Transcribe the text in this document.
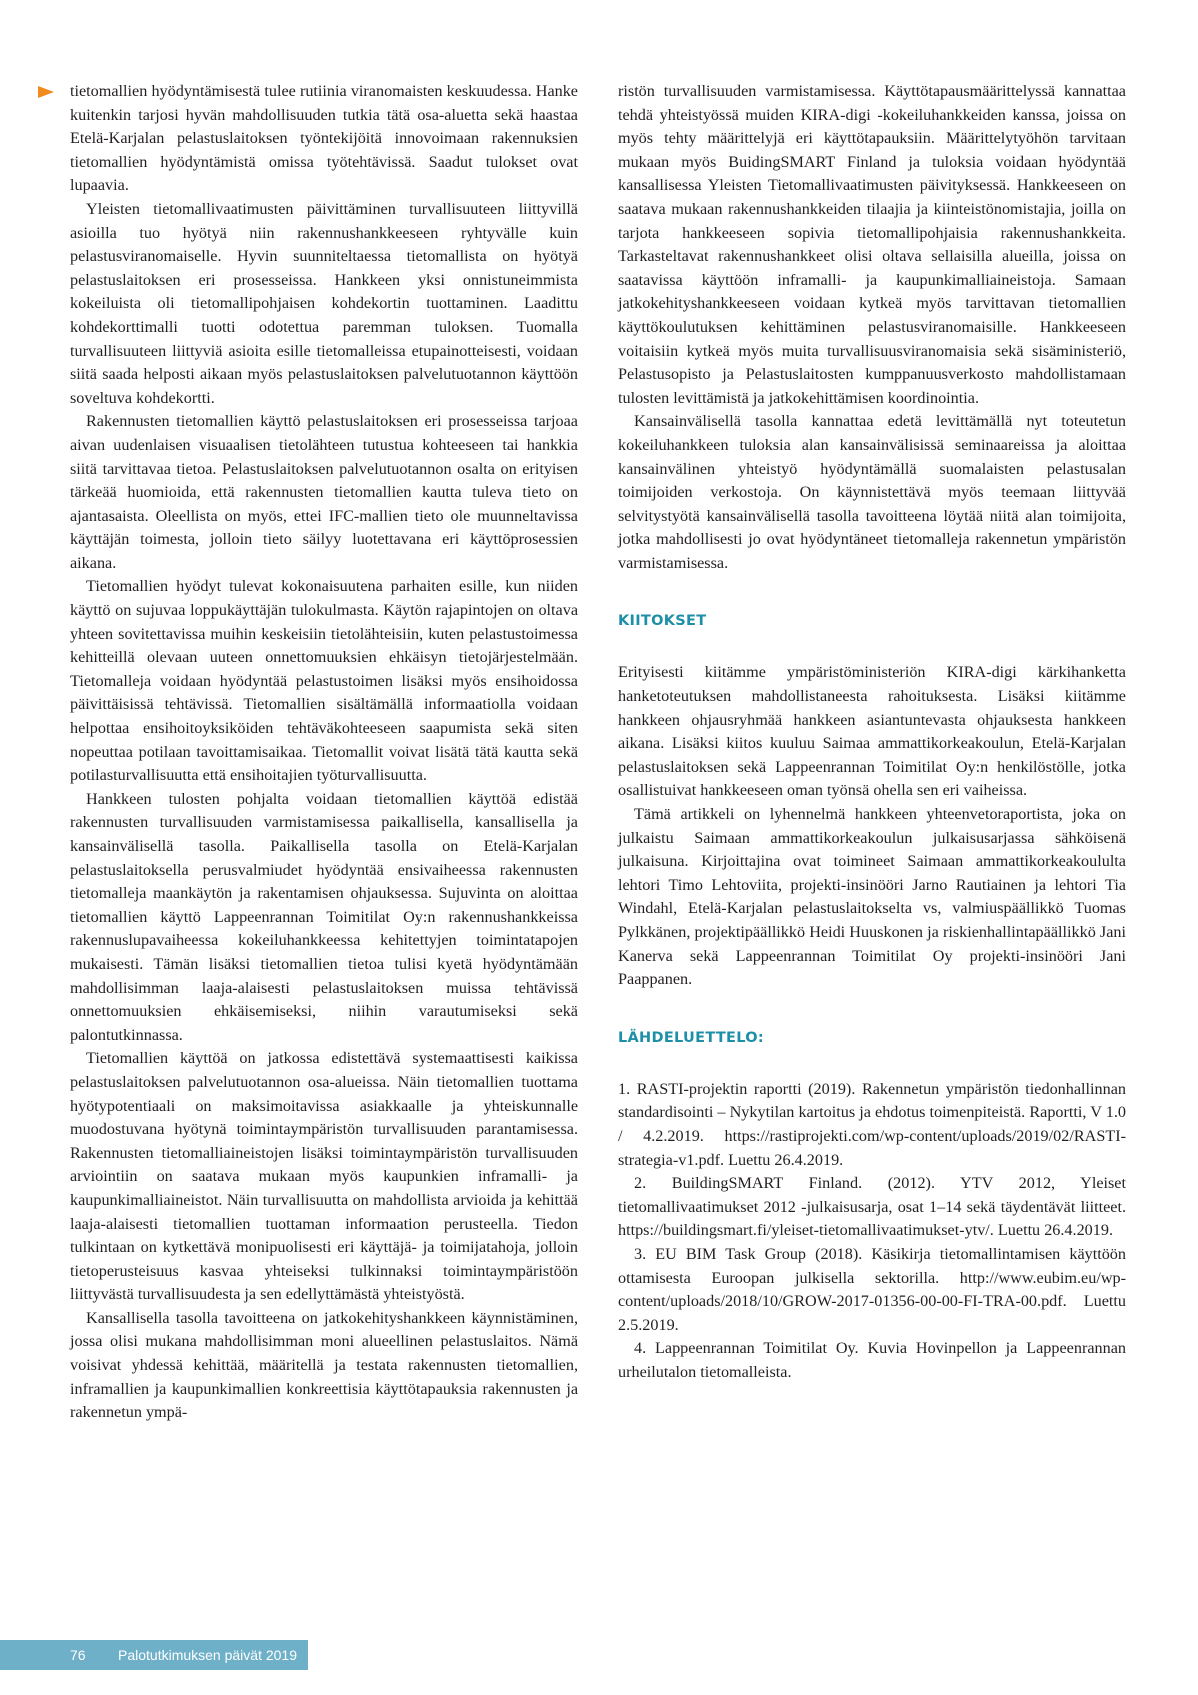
tietomallien hyödyntämisestä tulee rutiinia viranomaisten keskuudessa. Hanke kuitenkin tarjosi hyvän mahdollisuuden tutkia tätä osa-aluetta sekä haastaa Etelä-Karjalan pelastuslaitoksen työntekijöitä innovoimaan rakennuksien tietomallien hyödyntämistä omissa työtehtävissä. Saadut tulokset ovat lupaavia.

Yleisten tietomallivaatimusten päivittäminen turvallisuuteen liittyvillä asioilla tuo hyötyä niin rakennushankkeeseen ryhtyvälle kuin pelastusviranomaiselle. Hyvin suunniteltaessa tietomallista on hyötyä pelastuslaitoksen eri prosesseissa. Hankkeen yksi onnistuneimmista kokeiluista oli tietomallipohjaisen kohdekortin tuottaminen. Laadittu kohdekorttimalli tuotti odotettua paremman tuloksen. Tuomalla turvallisuuteen liittyviä asioita esille tietomalleissa etupainotteisesti, voidaan siitä saada helposti aikaan myös pelastuslaitoksen palvelutuotannon käyttöön soveltuva kohdekortti.

Rakennusten tietomallien käyttö pelastuslaitoksen eri prosesseissa tarjoaa aivan uudenlaisen visuaalisen tietolähteen tutustua kohteeseen tai hankkia siitä tarvittavaa tietoa. Pelastuslaitoksen palvelutuotannon osalta on erityisen tärkeää huomioida, että rakennusten tietomallien kautta tuleva tieto on ajantasaista. Oleellista on myös, ettei IFC-mallien tieto ole muunneltavissa käyttäjän toimesta, jolloin tieto säilyy luotettavana eri käyttöprosessien aikana.

Tietomallien hyödyt tulevat kokonaisuutena parhaiten esille, kun niiden käyttö on sujuvaa loppukäyttäjän tulokulmasta. Käytön rajapintojen on oltava yhteen sovitettavissa muihin keskeisiin tietolähteisiin, kuten pelastustoimessa kehitteillä olevaan uuteen onnettomuuksien ehkäisyn tietojärjestelmään. Tietomalleja voidaan hyödyntää pelastustoimen lisäksi myös ensihoidossa päivittäisissä tehtävissä. Tietomallien sisältämällä informaatiolla voidaan helpottaa ensihoitoyksiköiden tehtäväkohteeseen saapumista sekä siten nopeuttaa potilaan tavoittamisaikaa. Tietomallit voivat lisätä tätä kautta sekä potilasturvallisuutta että ensihoitajien työturvallisuutta.

Hankkeen tulosten pohjalta voidaan tietomallien käyttöä edistää rakennusten turvallisuuden varmistamisessa paikallisella, kansallisella ja kansainvälisellä tasolla. Paikallisella tasolla on Etelä-Karjalan pelastuslaitoksella perusvalmiudet hyödyntää ensivaiheessa rakennusten tietomalleja maankäytön ja rakentamisen ohjauksessa. Sujuvinta on aloittaa tietomallien käyttö Lappeenrannan Toimitilat Oy:n rakennushankkeissa rakennuslupavaiheessa kokeiluhankkeessa kehitettyjen toimintatapojen mukaisesti. Tämän lisäksi tietomallien tietoa tulisi kyetä hyödyntämään mahdollisimman laaja-alaisesti pelastuslaitoksen muissa tehtävissä onnettomuuksien ehkäisemiseksi, niihin varautumiseksi sekä palontutkinnassa.

Tietomallien käyttöä on jatkossa edistettävä systemaattisesti kaikissa pelastuslaitoksen palvelutuotannon osa-alueissa. Näin tietomallien tuottama hyötypotentiaali on maksimoitavissa asiakkaalle ja yhteiskunnalle muodostuvana hyötynä toimintaympäristön turvallisuuden parantamisessa. Rakennusten tietomalliaineistojen lisäksi toimintaympäristön turvallisuuden arviointiin on saatava mukaan myös kaupunkien inframalli- ja kaupunkimalliaineistot. Näin turvallisuutta on mahdollista arvioida ja kehittää laaja-alaisesti tietomallien tuottaman informaation perusteella. Tiedon tulkintaan on kytkettävä monipuolisesti eri käyttäjä- ja toimijatahoja, jolloin tietoperusteisuus kasvaa yhteiseksi tulkinnaksi toimintaympäristöön liittyvästä turvallisuudesta ja sen edellyttämästä yhteistyöstä.

Kansallisella tasolla tavoitteena on jatkokehityshankkeen käynnistäminen, jossa olisi mukana mahdollisimman moni alueellinen pelastuslaitos. Nämä voisivat yhdessä kehittää, määritellä ja testata rakennusten tietomallien, inframallien ja kaupunkimallien konkreettisia käyttötapauksia rakennusten ja rakennetun ympä-

ristön turvallisuuden varmistamisessa. Käyttötapausmäärittelyssä kannattaa tehdä yhteistyössä muiden KIRA-digi -kokeiluhankkeiden kanssa, joissa on myös tehty määrittelyjä eri käyttötapauksiin. Määrittelytyöhön tarvitaan mukaan myös BuidingSMART Finland ja tuloksia voidaan hyödyntää kansallisessa Yleisten Tietomallivaatimusten päivityksessä. Hankkeeseen on saatava mukaan rakennushankkeiden tilaajia ja kiinteistönomistajia, joilla on tarjota hankkeeseen sopivia tietomallipohjaisia rakennushankkeita. Tarkasteltavat rakennushankkeet olisi oltava sellaisilla alueilla, joissa on saatavissa käyttöön inframalli- ja kaupunkimalliaineistoja. Samaan jatkokehityshankkeeseen voidaan kytkeä myös tarvittavan tietomallien käyttökoulutuksen kehittäminen pelastusviranomaisille. Hankkeeseen voitaisiin kytkeä myös muita turvallisuusviranomaisia sekä sisäministeriö, Pelastusopisto ja Pelastuslaitosten kumppanuusverkosto mahdollistamaan tulosten levittämistä ja jatkokehittämisen koordinointia.

Kansainvälisellä tasolla kannattaa edetä levittämällä nyt toteutetun kokeiluhankkeen tuloksia alan kansainvälisissä seminaareissa ja aloittaa kansainvälinen yhteistyö hyödyntämällä suomalaisten pelastusalan toimijoiden verkostoja. On käynnistettävä myös teemaan liittyvää selvitystyötä kansainvälisellä tasolla tavoitteena löytää niitä alan toimijoita, jotka mahdollisesti jo ovat hyödyntäneet tietomalleja rakennetun ympäristön varmistamisessa.

KIITOKSET

Erityisesti kiitämme ympäristöministeriön KIRA-digi kärkihanketta hanketoteutuksen mahdollistaneesta rahoituksesta. Lisäksi kiitämme hankkeen ohjausryhmää hankkeen asiantuntevasta ohjauksesta hankkeen aikana. Lisäksi kiitos kuuluu Saimaa ammattikorkeakoulun, Etelä-Karjalan pelastuslaitoksen sekä Lappeenrannan Toimitilat Oy:n henkilöstölle, jotka osallistuivat hankkeeseen oman työnsä ohella sen eri vaiheissa.

Tämä artikkeli on lyhennelmä hankkeen yhteenvetoraportista, joka on julkaistu Saimaan ammattikorkeakoulun julkaisusarjassa sähköisenä julkaisuna. Kirjoittajina ovat toimineet Saimaan ammattikorkeakoululta lehtori Timo Lehtoviita, projekti-insinööri Jarno Rautiainen ja lehtori Tia Windahl, Etelä-Karjalan pelastuslaitokselta vs, valmiuspäällikkö Tuomas Pylkkänen, projektipäällikkö Heidi Huuskonen ja riskienhallintapäällikkö Jani Kanerva sekä Lappeenrannan Toimitilat Oy projekti-insinööri Jani Paappanen.

LÄHDELUETTELO:

1. RASTI-projektin raportti (2019). Rakennetun ympäristön tiedonhallinnan standardisointi – Nykytilan kartoitus ja ehdotus toimenpiteistä. Raportti, V 1.0 / 4.2.2019. https://rastiprojekti.com/wp-content/uploads/2019/02/RASTI-strategia-v1.pdf. Luettu 26.4.2019.

2. BuildingSMART Finland. (2012). YTV 2012, Yleiset tietomallivaatimukset 2012 -julkaisusarja, osat 1–14 sekä täydentävät liitteet. https://buildingsmart.fi/yleiset-tietomallivaatimukset-ytv/. Luettu 26.4.2019.

3. EU BIM Task Group (2018). Käsikirja tietomallintamisen käyttöön ottamisesta Euroopan julkisella sektorilla. http://www.eubim.eu/wp-content/uploads/2018/10/GROW-2017-01356-00-00-FI-TRA-00.pdf. Luettu 2.5.2019.

4. Lappeenrannan Toimitilat Oy. Kuvia Hovinpellon ja Lappeenrannan urheilutalon tietomalleista.

76	Palotutkimuksen päivät 2019
